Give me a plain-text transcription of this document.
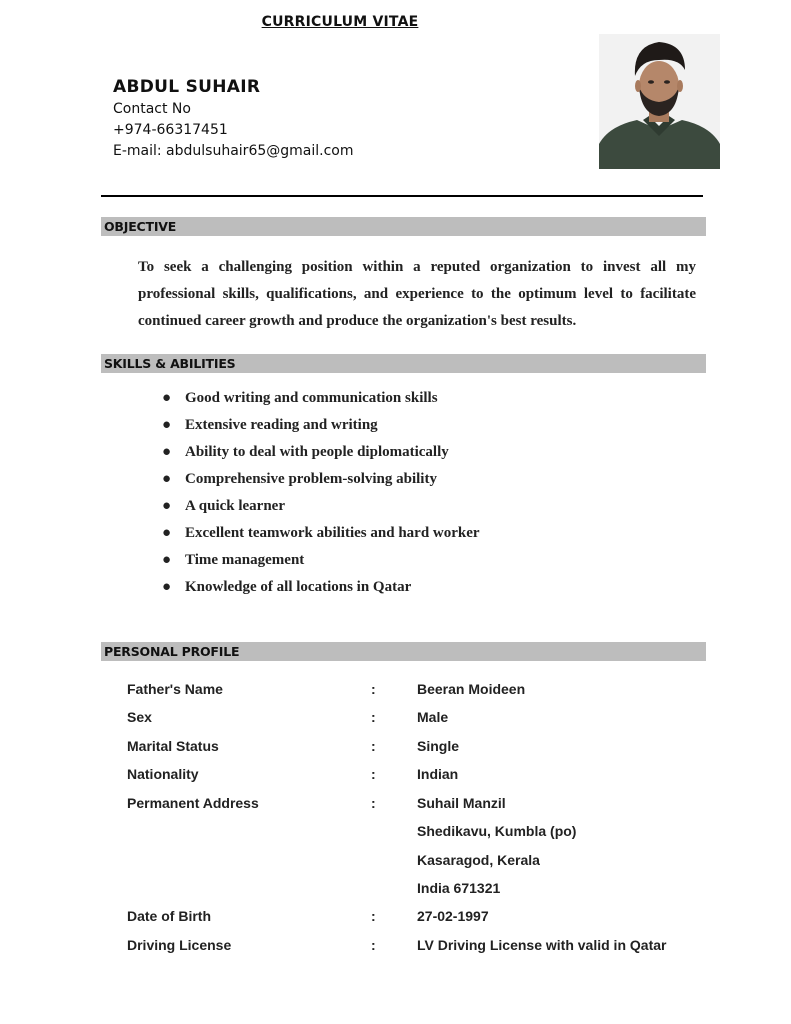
CURRICULUM VITAE
ABDUL SUHAIR
Contact No
+974-66317451
E-mail: abdulsuhair65@gmail.com
OBJECTIVE
To seek a challenging position within a reputed organization to invest all my professional skills, qualifications, and experience to the optimum level to facilitate continued career growth and produce the organization's best results.
SKILLS & ABILITIES
● Good writing and communication skills
● Extensive reading and writing
● Ability to deal with people diplomatically
● Comprehensive problem-solving ability
● A quick learner
● Excellent teamwork abilities and hard worker
● Time management
● Knowledge of all locations in Qatar
PERSONAL PROFILE
Father's Name	:	Beeran Moideen
Sex	:	Male
Marital Status	:	Single
Nationality	:	Indian
Permanent Address	:	Suhail Manzil
Shedikavu, Kumbla (po)
Kasaragod, Kerala
India 671321
Date of Birth	:	27-02-1997
Driving License	:	LV Driving License with valid in Qatar
